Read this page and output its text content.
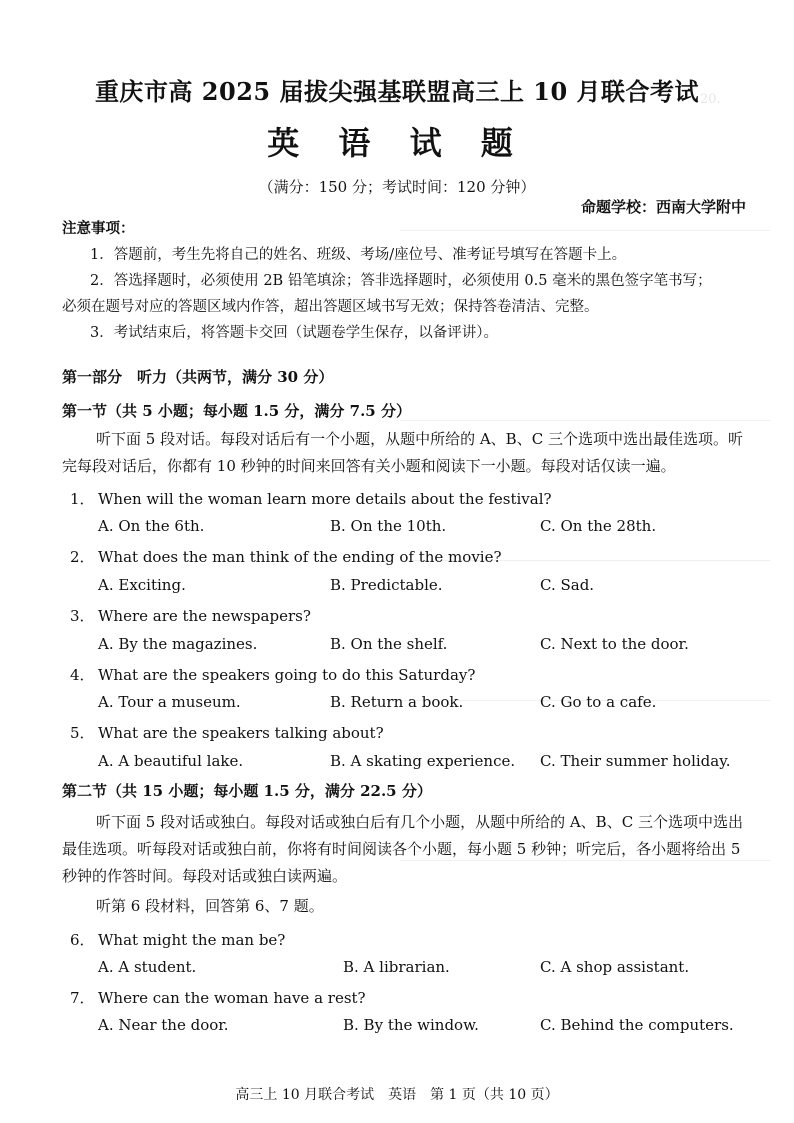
20.
重庆市高 2025 届拔尖强基联盟高三上 10 月联合考试
英 语 试 题
（满分：150 分；考试时间：120 分钟）
命题学校：西南大学附中

注意事项：

1．答题前，考生先将自己的姓名、班级、考场/座位号、准考证号填写在答题卡上。

2．答选择题时，必须使用 2B 铅笔填涂；答非选择题时，必须使用 0.5 毫米的黑色签字笔书写；

必须在题号对应的答题区域内作答，超出答题区域书写无效；保持答卷清洁、完整。

3．考试结束后，将答题卡交回（试题卷学生保存，以备评讲）。

第一部分　听力（共两节，满分 30 分）
第一节（共 5 小题；每小题 1.5 分，满分 7.5 分）

听下面 5 段对话。每段对话后有一个小题，从题中所给的 A、B、C 三个选项中选出最佳选项。听完每段对话后，你都有 10 秒钟的时间来回答有关小题和阅读下一小题。每段对话仅读一遍。

1． When will the woman learn more details about the festival?
A. On the 6th.	B. On the 10th.	C. On the 28th.
2． What does the man think of the ending of the movie?
A. Exciting.	B. Predictable.	C. Sad.
3． Where are the newspapers?
A. By the magazines.	B. On the shelf.	C. Next to the door.
4． What are the speakers going to do this Saturday?
A. Tour a museum.	B. Return a book.	C. Go to a cafe.
5． What are the speakers talking about?
A. A beautiful lake.	B. A skating experience. C. Their summer holiday.
第二节（共 15 小题；每小题 1.5 分，满分 22.5 分）

听下面 5 段对话或独白。每段对话或独白后有几个小题，从题中所给的 A、B、C 三个选项中选出最佳选项。听每段对话或独白前，你将有时间阅读各个小题，每小题 5 秒钟；听完后，各小题将给出 5 秒钟的作答时间。每段对话或独白读两遍。

听第 6 段材料，回答第 6、7 题。

6． What might the man be?
A. A student.	B. A librarian.	C. A shop assistant.
7． Where can the woman have a rest?
A. Near the door.	B. By the window.	C. Behind the computers.
高三上 10 月联合考试　英语　第 1 页（共 10 页）
